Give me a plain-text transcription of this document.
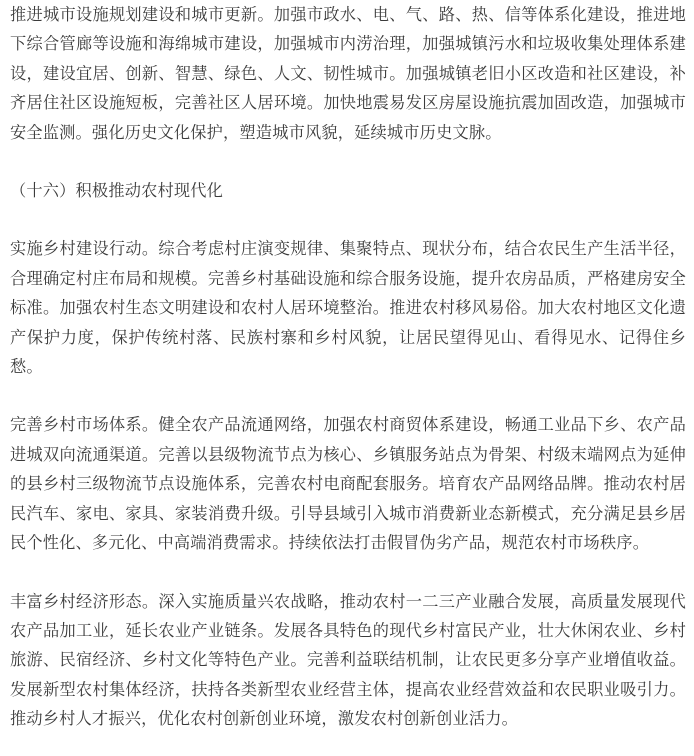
推进城市设施规划建设和城市更新。加强市政水、电、气、路、热、信等体系化建设，推进地下综合管廊等设施和海绵城市建设，加强城市内涝治理，加强城镇污水和垃圾收集处理体系建设，建设宜居、创新、智慧、绿色、人文、韧性城市。加强城镇老旧小区改造和社区建设，补齐居住社区设施短板，完善社区人居环境。加快地震易发区房屋设施抗震加固改造，加强城市安全监测。强化历史文化保护，塑造城市风貌，延续城市历史文脉。

（十六）积极推动农村现代化

实施乡村建设行动。综合考虑村庄演变规律、集聚特点、现状分布，结合农民生产生活半径，合理确定村庄布局和规模。完善乡村基础设施和综合服务设施，提升农房品质，严格建房安全标准。加强农村生态文明建设和农村人居环境整治。推进农村移风易俗。加大农村地区文化遗产保护力度，保护传统村落、民族村寨和乡村风貌，让居民望得见山、看得见水、记得住乡愁。

完善乡村市场体系。健全农产品流通网络，加强农村商贸体系建设，畅通工业品下乡、农产品进城双向流通渠道。完善以县级物流节点为核心、乡镇服务站点为骨架、村级末端网点为延伸的县乡村三级物流节点设施体系，完善农村电商配套服务。培育农产品网络品牌。推动农村居民汽车、家电、家具、家装消费升级。引导县域引入城市消费新业态新模式，充分满足县乡居民个性化、多元化、中高端消费需求。持续依法打击假冒伪劣产品，规范农村市场秩序。

丰富乡村经济形态。深入实施质量兴农战略，推动农村一二三产业融合发展，高质量发展现代农产品加工业，延长农业产业链条。发展各具特色的现代乡村富民产业，壮大休闲农业、乡村旅游、民宿经济、乡村文化等特色产业。完善利益联结机制，让农民更多分享产业增值收益。发展新型农村集体经济，扶持各类新型农业经营主体，提高农业经营效益和农民职业吸引力。推动乡村人才振兴，优化农村创新创业环境，激发农村创新创业活力。
